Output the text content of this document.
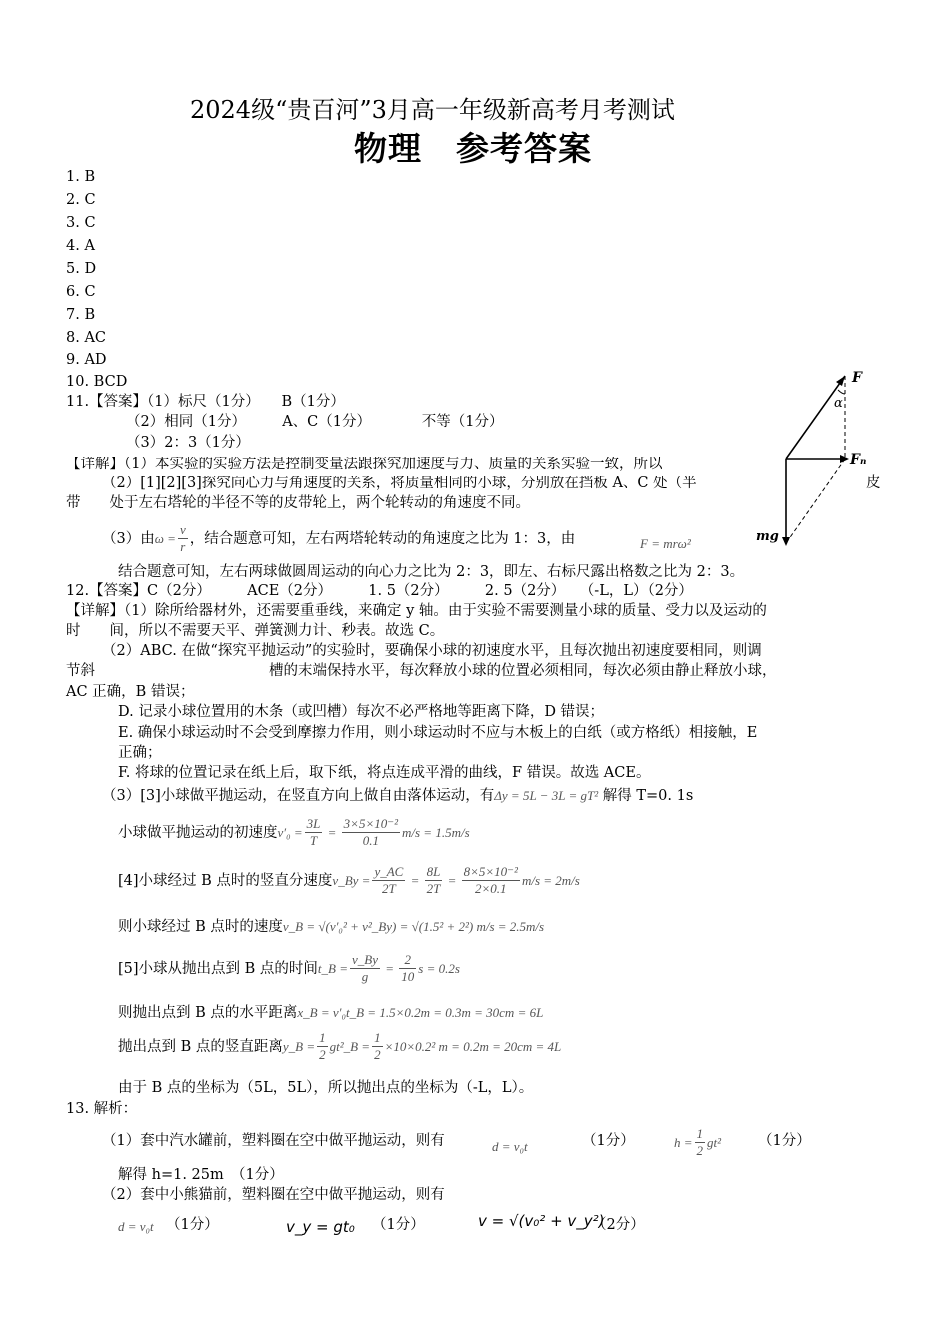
2024级“贵百河”3月高一年级新高考月考测试
物理　参考答案
1. B
2. C
3. C
4. A
5. D
6. C
7. B
8. AC
9. AD
10. BCD
11.【答案】（1）标尺（1分）　　B（1分）
（2）相同（1分）　　　A、C（1分）　　　　不等（1分）
（3）2：3（1分）
【详解】（1）本实验的实验方法是控制变量法跟探究加速度与力、质量的关系实验一致，所以
（2）[1][2][3]探究向心力与角速度的关系，将质量相同的小球，分别放在挡板 A、C 处（半	皮
带　　处于左右塔轮的半径不等的皮带轮上，两个轮转动的角速度不同。
（3）由$\omega = \frac{v}{r}$ ，结合题意可知，左右两塔轮转动的角速度之比为 1：3，由	F = mrω²
结合题意可知，左右两球做圆周运动的向心力之比为 2：3，即左、右标尺露出格数之比为 2：3。
F
α
Fₙ
mg
12.【答案】C（2分）　　　ACE（2分）　　　1. 5（2分）　　　2. 5（2分）　　（-L，L）（2分）
【详解】（1）除所给器材外，还需要重垂线，来确定 y 轴。由于实验不需要测量小球的质量、受力以及运动的
时　　间，所以不需要天平、弹簧测力计、秒表。故选 C。
（2）ABC. 在做“探究平抛运动”的实验时，要确保小球的初速度水平，且每次抛出初速度要相同，则调
节斜　　　　　　　　　　　　槽的末端保持水平，每次释放小球的位置必须相同，每次必须由静止释放小球，
AC 正确，B 错误；
D. 记录小球位置用的木条（或凹槽）每次不必严格地等距离下降，D 错误；
E. 确保小球运动时不会受到摩擦力作用，则小球运动时不应与木板上的白纸（或方格纸）相接触，E
正确；
F. 将球的位置记录在纸上后，取下纸，将点连成平滑的曲线，F 错误。故选 ACE。
（3）[3]小球做平抛运动，在竖直方向上做自由落体运动，有Δy = 5L − 3L = gT² 解得 T=0. 1s
小球做平抛运动的初速度$v'_0 = \frac{3L}{T} = \frac{\text{3×5×10⁻²}}{0.1} m/s = 1.5m/s$
[4]小球经过 B 点时的竖直分速度v_By = $\frac{y\_AC}{2T} = \frac{8L}{2T} = \frac{\text{8×5×10⁻²}}{2\times 0.1} m/s = 2m/s$
则小球经过 B 点时的速度v_B = √(v′₀² + v²_By) = √(1.5² + 2²) m/s = 2.5m/s
[5]小球从抛出点到 B 点的时间t_B = $\frac{v\_By}{g} = \frac{2}{10}$ s = 0.2s
则抛出点到 B 点的水平距离x_B = v′₀t_B = 1.5×0.2m = 0.3m = 30cm = 6L
抛出点到 B 点的竖直距离y_B = $\frac{1}{2}$ gt²_B = $\frac{1}{2} \times 10\times 0.2^2$ m = 0.2m = 20cm = 4L
由于 B 点的坐标为（5L，5L），所以抛出点的坐标为（-L，L）。
13. 解析：
（1）套中汽水罐前，塑料圈在空中做平抛运动，则有	d = v₀t	（1分）	$h = \frac{1}{2} gt^2$	（1分）
解得 h=1. 25m　（1分）
（2）套中小熊猫前，塑料圈在空中做平抛运动，则有
d = v₀t （1分）	v_y = gt₀ （1分）	v = √(v₀² + v_y²)
（2分）
